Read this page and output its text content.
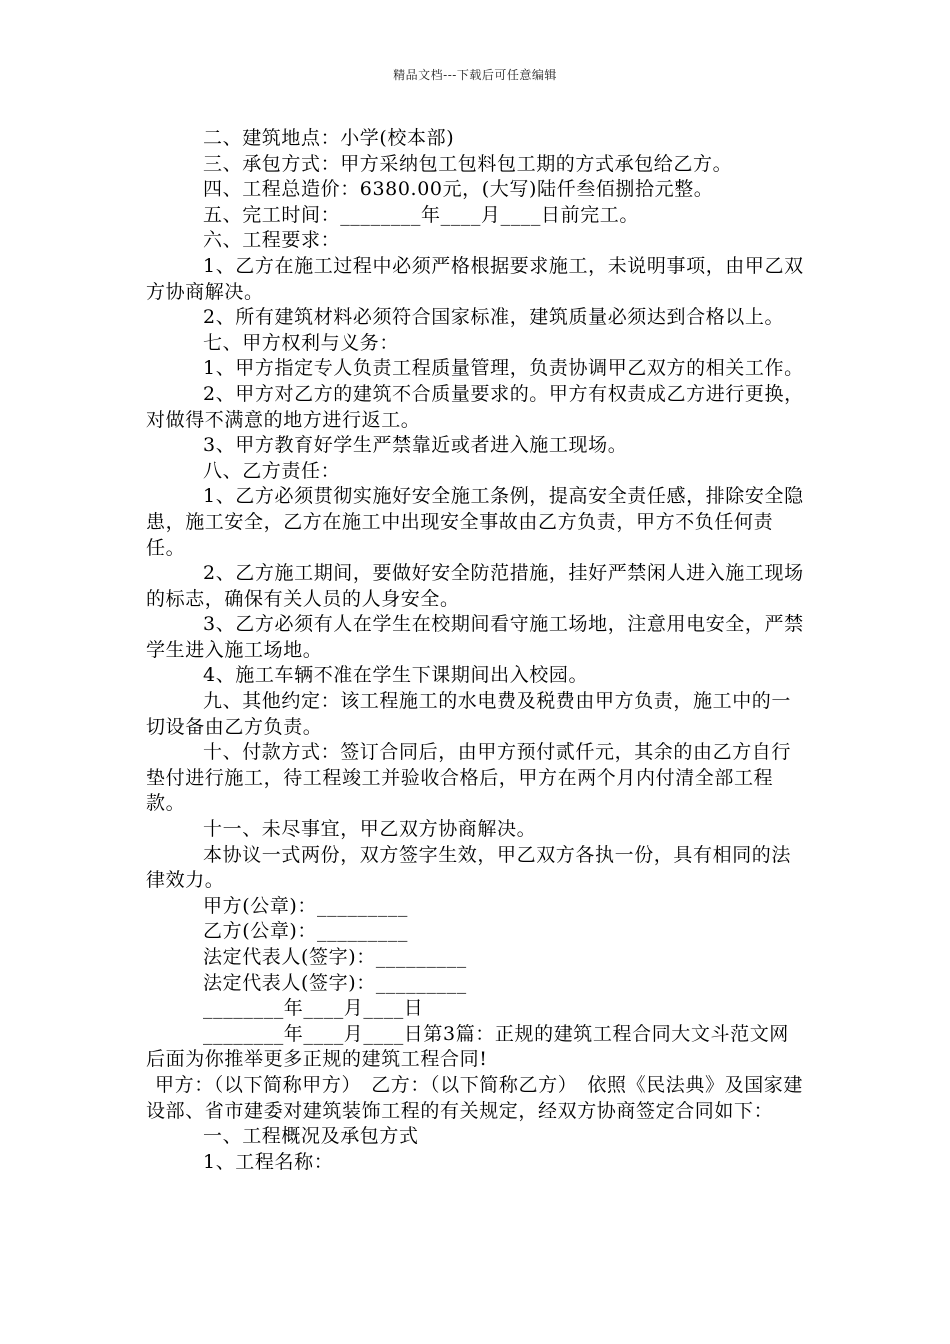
精品文档---下载后可任意编辑

二、建筑地点：小学(校本部)

三、承包方式：甲方采纳包工包料包工期的方式承包给乙方。

四、工程总造价：6380.00元，(大写)陆仟叁佰捌拾元整。

五、完工时间：________年____月____日前完工。

六、工程要求：

1、乙方在施工过程中必须严格根据要求施工，未说明事项，由甲乙双方协商解决。

2、所有建筑材料必须符合国家标准，建筑质量必须达到合格以上。

七、甲方权利与义务：

1、甲方指定专人负责工程质量管理，负责协调甲乙双方的相关工作。

2、甲方对乙方的建筑不合质量要求的。甲方有权责成乙方进行更换，对做得不满意的地方进行返工。

3、甲方教育好学生严禁靠近或者进入施工现场。

八、乙方责任：

1、乙方必须贯彻实施好安全施工条例，提高安全责任感，排除安全隐患，施工安全，乙方在施工中出现安全事故由乙方负责，甲方不负任何责任。

2、乙方施工期间，要做好安全防范措施，挂好严禁闲人进入施工现场的标志，确保有关人员的人身安全。

3、乙方必须有人在学生在校期间看守施工场地，注意用电安全，严禁学生进入施工场地。

4、施工车辆不准在学生下课期间出入校园。

九、其他约定：该工程施工的水电费及税费由甲方负责，施工中的一切设备由乙方负责。

十、付款方式：签订合同后，由甲方预付贰仟元，其余的由乙方自行垫付进行施工，待工程竣工并验收合格后，甲方在两个月内付清全部工程款。

十一、未尽事宜，甲乙双方协商解决。

本协议一式两份，双方签字生效，甲乙双方各执一份，具有相同的法律效力。

甲方(公章)：_________

乙方(公章)：_________

法定代表人(签字)：_________

法定代表人(签字)：_________

________年____月____日

________年____月____日第3篇：正规的建筑工程合同大文斗范文网后面为你推举更多正规的建筑工程合同!

甲方：（以下简称甲方）　乙方：（以下简称乙方）　依照《民法典》及国家建设部、省市建委对建筑装饰工程的有关规定，经双方协商签定合同如下：

一、工程概况及承包方式

1、工程名称：
